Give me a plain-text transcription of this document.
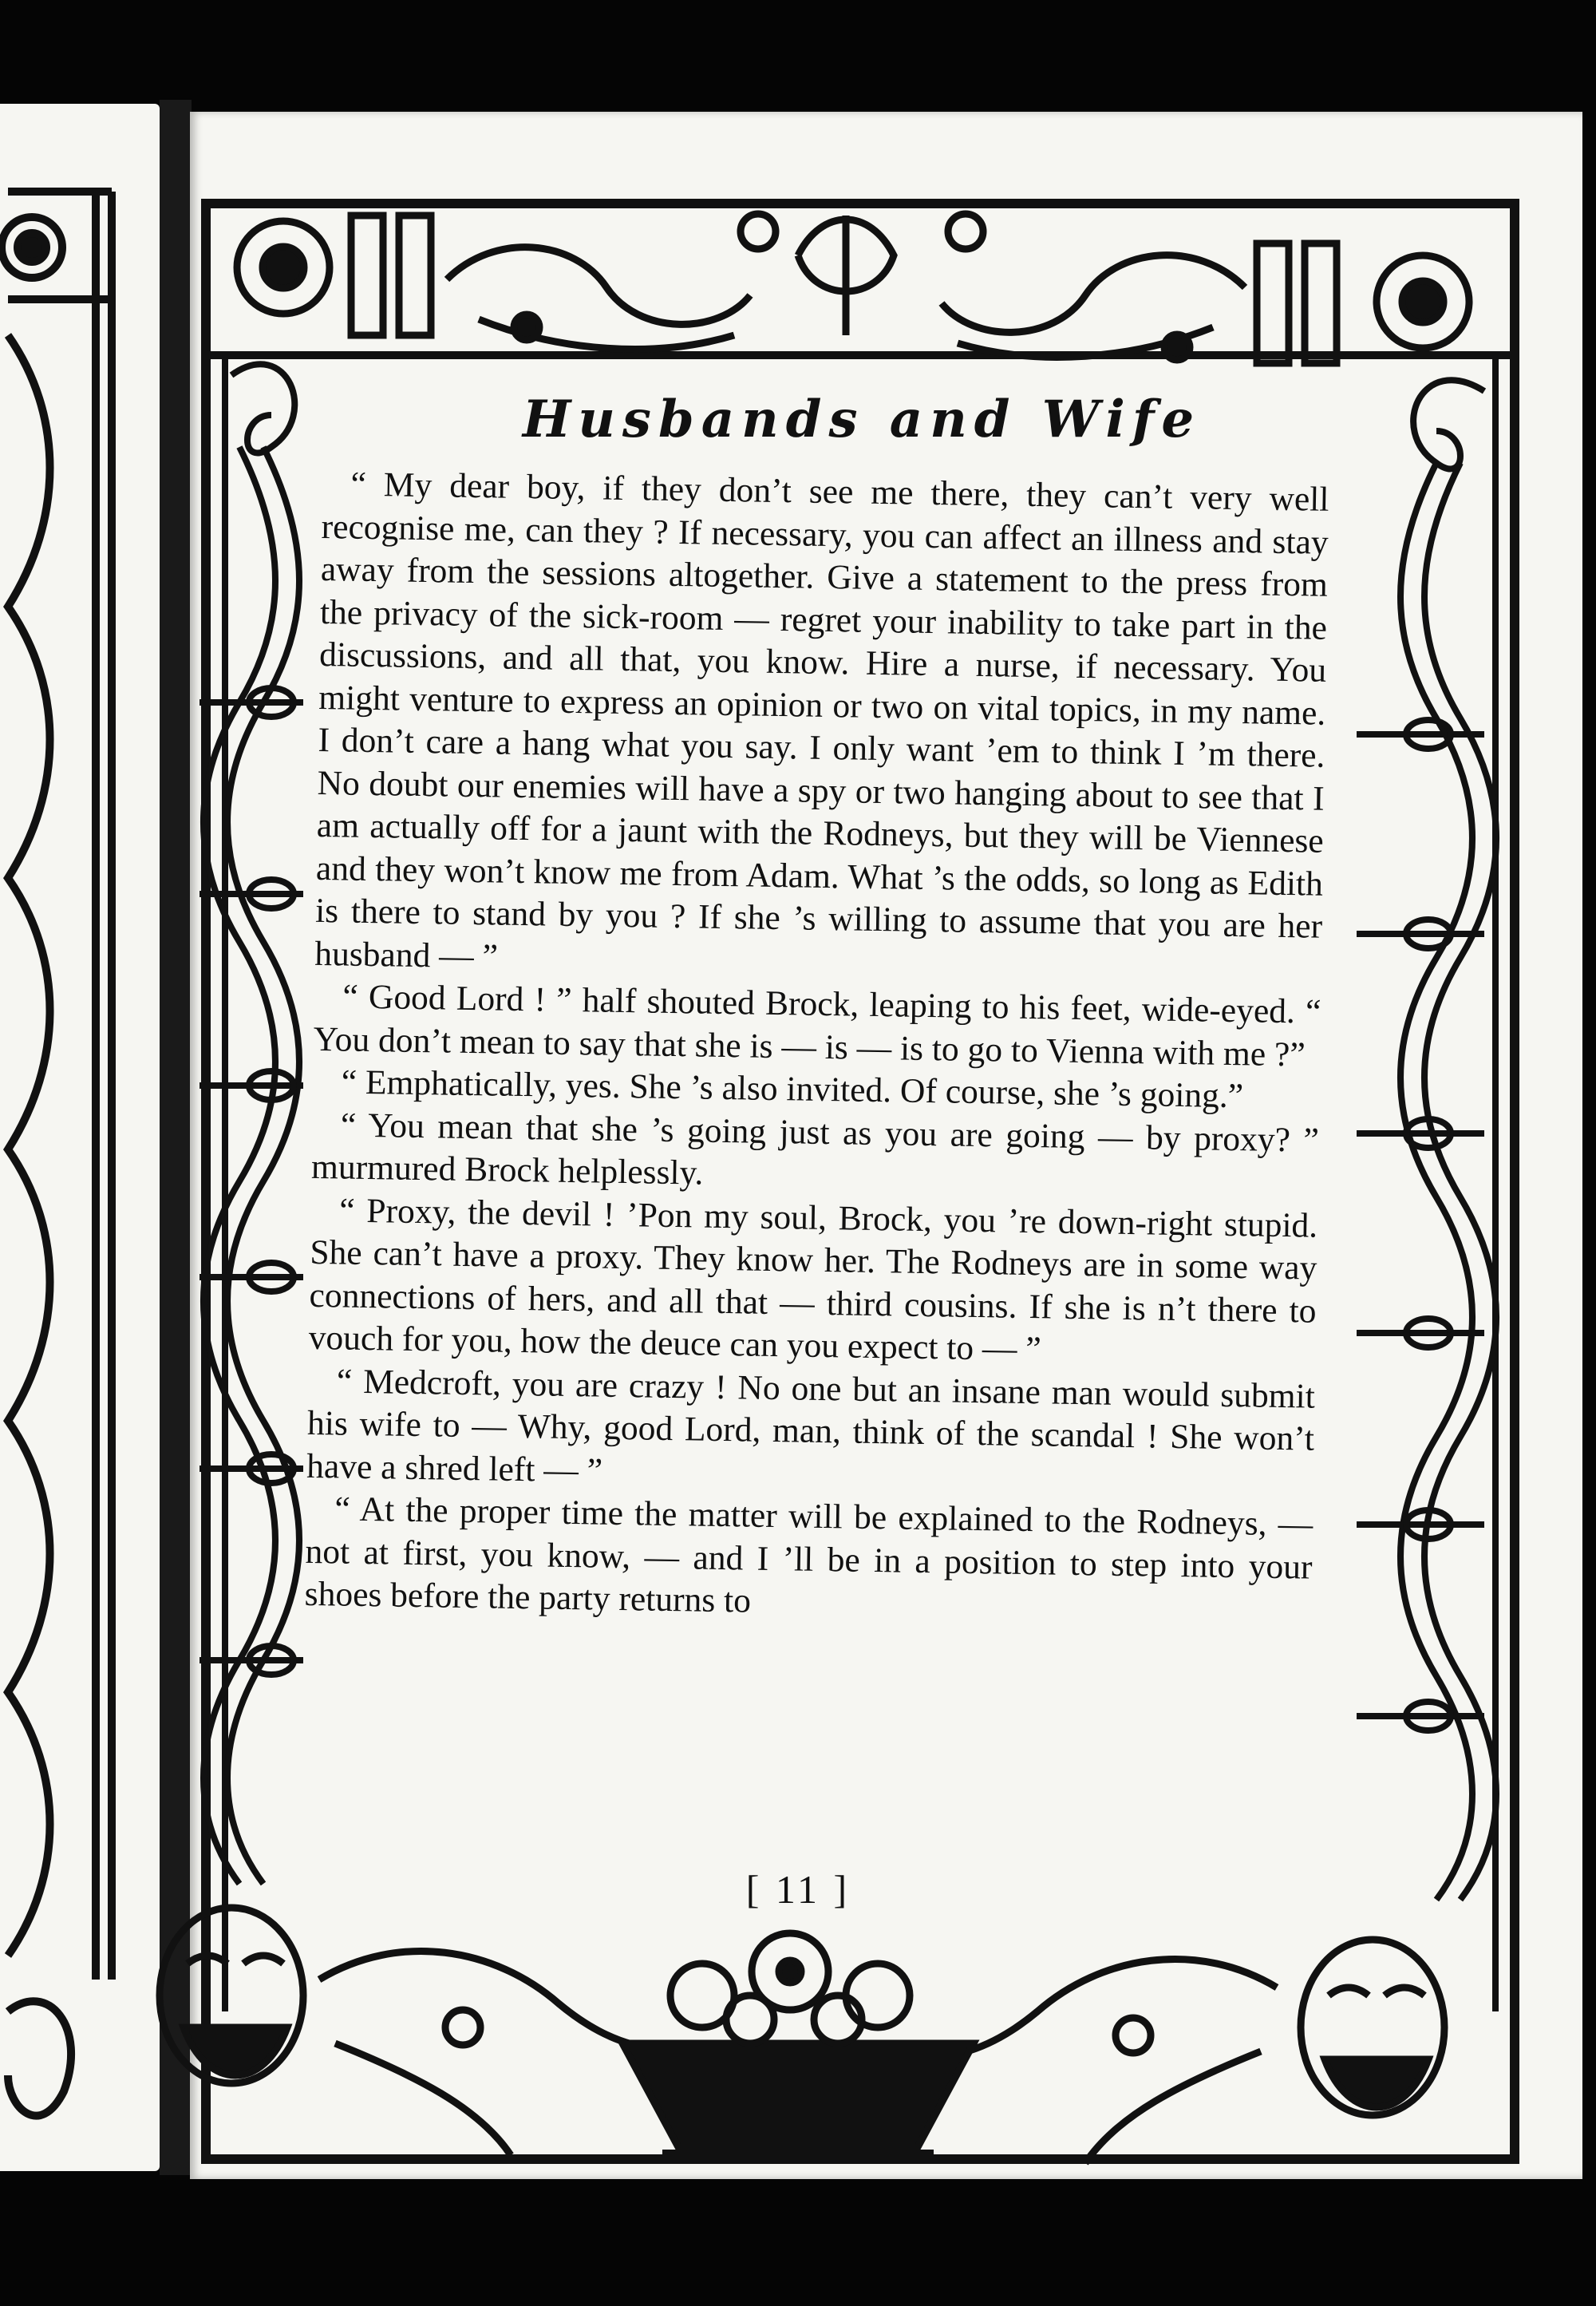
Husbands and Wife

“ My dear boy, if they don’t see me there, they can’t very well recognise me, can they ? If necessary, you can affect an illness and stay away from the sessions altogether. Give a statement to the press from the privacy of the sick-room — regret your inability to take part in the discussions, and all that, you know. Hire a nurse, if necessary. You might venture to express an opinion or two on vital topics, in my name. I don’t care a hang what you say. I only want ’em to think I ’m there. No doubt our enemies will have a spy or two hanging about to see that I am actually off for a jaunt with the Rodneys, but they will be Viennese and they won’t know me from Adam. What ’s the odds, so long as Edith is there to stand by you ? If she ’s willing to assume that you are her husband — ”

“ Good Lord ! ” half shouted Brock, leaping to his feet, wide-eyed. “ You don’t mean to say that she is — is — is to go to Vienna with me ?”

“ Emphatically, yes. She ’s also invited. Of course, she ’s going.”

“ You mean that she ’s going just as you are going — by proxy? ” murmured Brock helplessly.

“ Proxy, the devil ! ’Pon my soul, Brock, you ’re down-right stupid. She can’t have a proxy. They know her. The Rodneys are in some way connections of hers, and all that — third cousins. If she is n’t there to vouch for you, how the deuce can you expect to — ”

“ Medcroft, you are crazy ! No one but an insane man would submit his wife to — Why, good Lord, man, think of the scandal ! She won’t have a shred left — ”

“ At the proper time the matter will be explained to the Rodneys, — not at first, you know, — and I ’ll be in a position to step into your shoes before the party returns to

[ 11 ]
